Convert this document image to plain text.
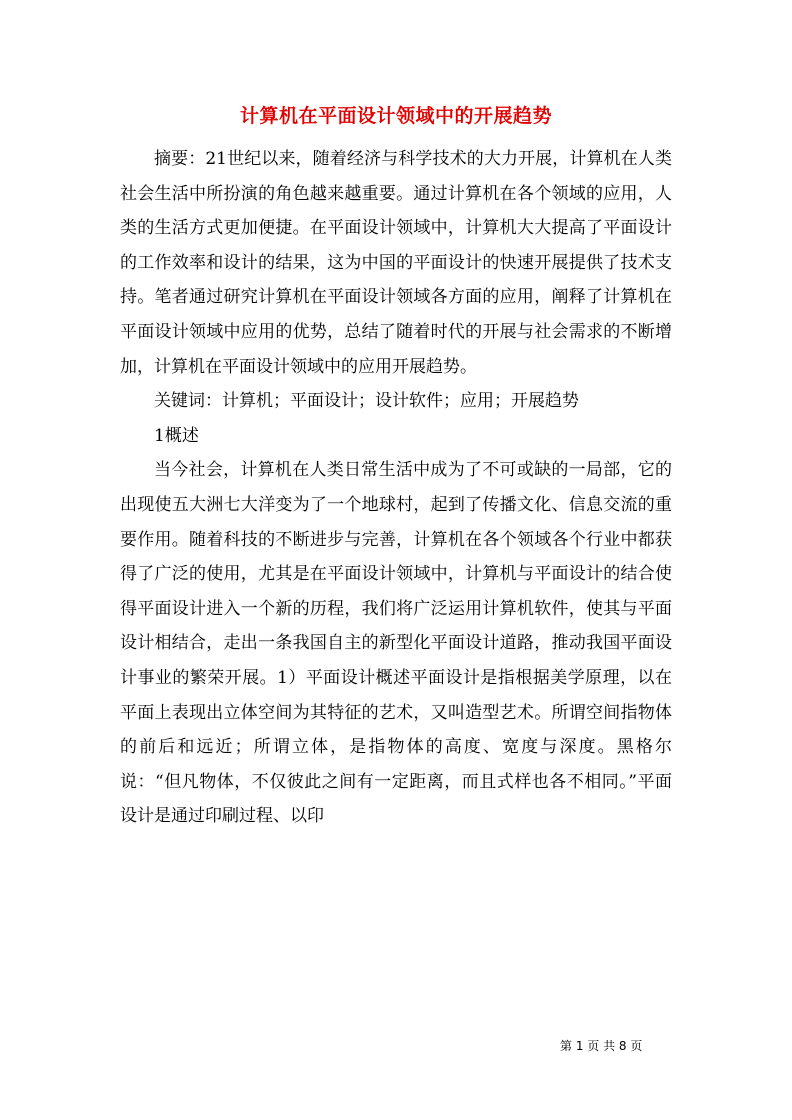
计算机在平面设计领域中的开展趋势

摘要：21世纪以来，随着经济与科学技术的大力开展，计算机在人类社会生活中所扮演的角色越来越重要。通过计算机在各个领域的应用，人类的生活方式更加便捷。在平面设计领域中，计算机大大提高了平面设计的工作效率和设计的结果，这为中国的平面设计的快速开展提供了技术支持。笔者通过研究计算机在平面设计领域各方面的应用，阐释了计算机在平面设计领域中应用的优势，总结了随着时代的开展与社会需求的不断增加，计算机在平面设计领域中的应用开展趋势。

关键词：计算机；平面设计；设计软件；应用；开展趋势

1概述

当今社会，计算机在人类日常生活中成为了不可或缺的一局部，它的出现使五大洲七大洋变为了一个地球村，起到了传播文化、信息交流的重要作用。随着科技的不断进步与完善，计算机在各个领域各个行业中都获得了广泛的使用，尤其是在平面设计领域中，计算机与平面设计的结合使得平面设计进入一个新的历程，我们将广泛运用计算机软件，使其与平面设计相结合，走出一条我国自主的新型化平面设计道路，推动我国平面设计事业的繁荣开展。1）平面设计概述平面设计是指根据美学原理，以在平面上表现出立体空间为其特征的艺术，又叫造型艺术。所谓空间指物体的前后和远近；所谓立体，是指物体的高度、宽度与深度。黑格尔说：“但凡物体，不仅彼此之间有一定距离，而且式样也各不相同。”平面设计是通过印刷过程、以印

第 1 页 共 8 页
